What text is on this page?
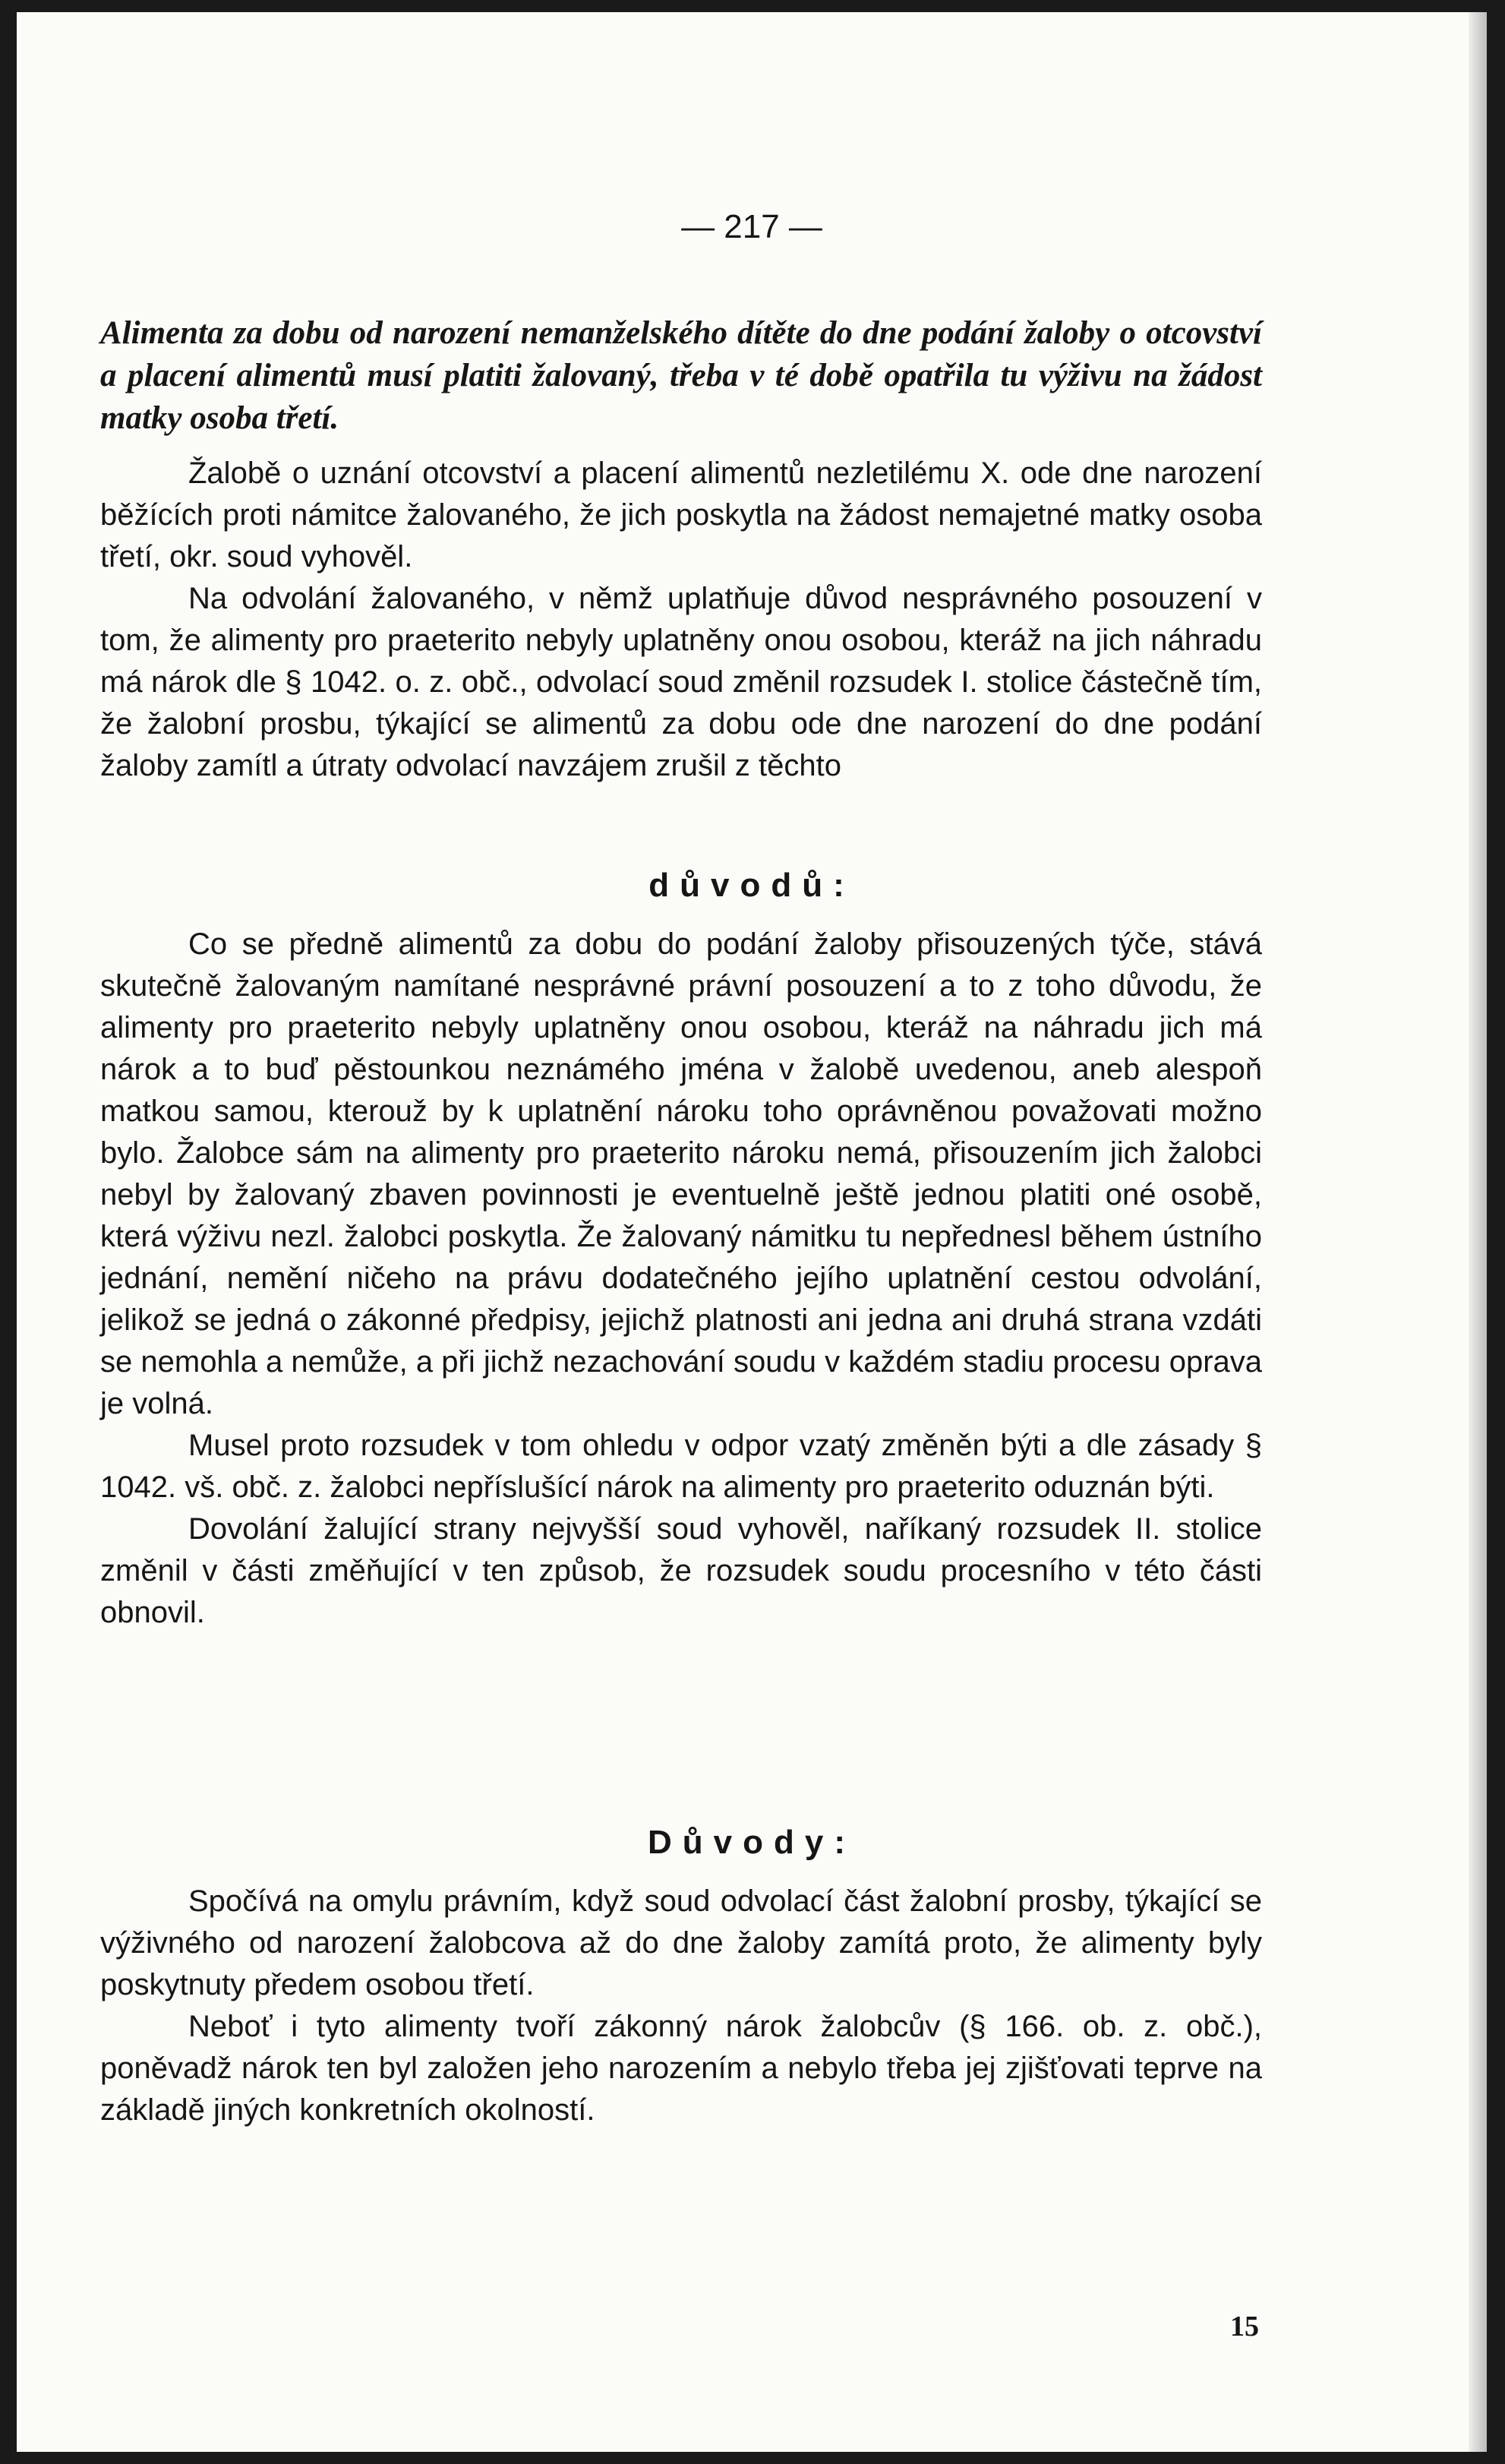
— 217 —
Alimenta za dobu od narození nemanželského dítěte do dne podání žaloby o otcovství a placení alimentů musí platiti žalovaný, třeba v té době opatřila tu výživu na žádost matky osoba třetí.

Žalobě o uznání otcovství a placení alimentů nezletilému X. ode dne narození běžících proti námitce žalovaného, že jich poskytla na žádost nemajetné matky osoba třetí, okr. soud vyhověl.

Na odvolání žalovaného, v němž uplatňuje důvod nesprávného posouzení v tom, že alimenty pro praeterito nebyly uplatněny onou osobou, kteráž na jich náhradu má nárok dle § 1042. o. z. obč., odvolací soud změnil rozsudek I. stolice částečně tím, že žalobní prosbu, týkající se alimentů za dobu ode dne narození do dne podání žaloby zamítl a útraty odvolací navzájem zrušil z těchto

důvodů:

Co se předně alimentů za dobu do podání žaloby přisouzených týče, stává skutečně žalovaným namítané nesprávné právní posouzení a to z toho důvodu, že alimenty pro praeterito nebyly uplatněny onou osobou, kteráž na náhradu jich má nárok a to buď pěstounkou neznámého jména v žalobě uvedenou, aneb alespoň matkou samou, kterouž by k uplatnění nároku toho oprávněnou považovati možno bylo. Žalobce sám na alimenty pro praeterito nároku nemá, přisouzením jich žalobci nebyl by žalovaný zbaven povinnosti je eventuelně ještě jednou platiti oné osobě, která výživu nezl. žalobci poskytla. Že žalovaný námitku tu nepřednesl během ústního jednání, nemění ničeho na právu dodatečného jejího uplatnění cestou odvolání, jelikož se jedná o zákonné předpisy, jejichž platnosti ani jedna ani druhá strana vzdáti se nemohla a nemůže, a při jichž nezachování soudu v každém stadiu procesu oprava je volná.

Musel proto rozsudek v tom ohledu v odpor vzatý změněn býti a dle zásady § 1042. vš. obč. z. žalobci nepříslušící nárok na alimenty pro praeterito oduznán býti.

Dovolání žalující strany nejvyšší soud vyhověl, naříkaný rozsudek II. stolice změnil v části změňující v ten způsob, že rozsudek soudu procesního v této části obnovil.

Důvody:

Spočívá na omylu právním, když soud odvolací část žalobní prosby, týkající se výživného od narození žalobcova až do dne žaloby zamítá proto, že alimenty byly poskytnuty předem osobou třetí.

Neboť i tyto alimenty tvoří zákonný nárok žalobcův (§ 166. ob. z. obč.), poněvadž nárok ten byl založen jeho narozením a nebylo třeba jej zjišťovati teprve na základě jiných konkretních okolností.

15
